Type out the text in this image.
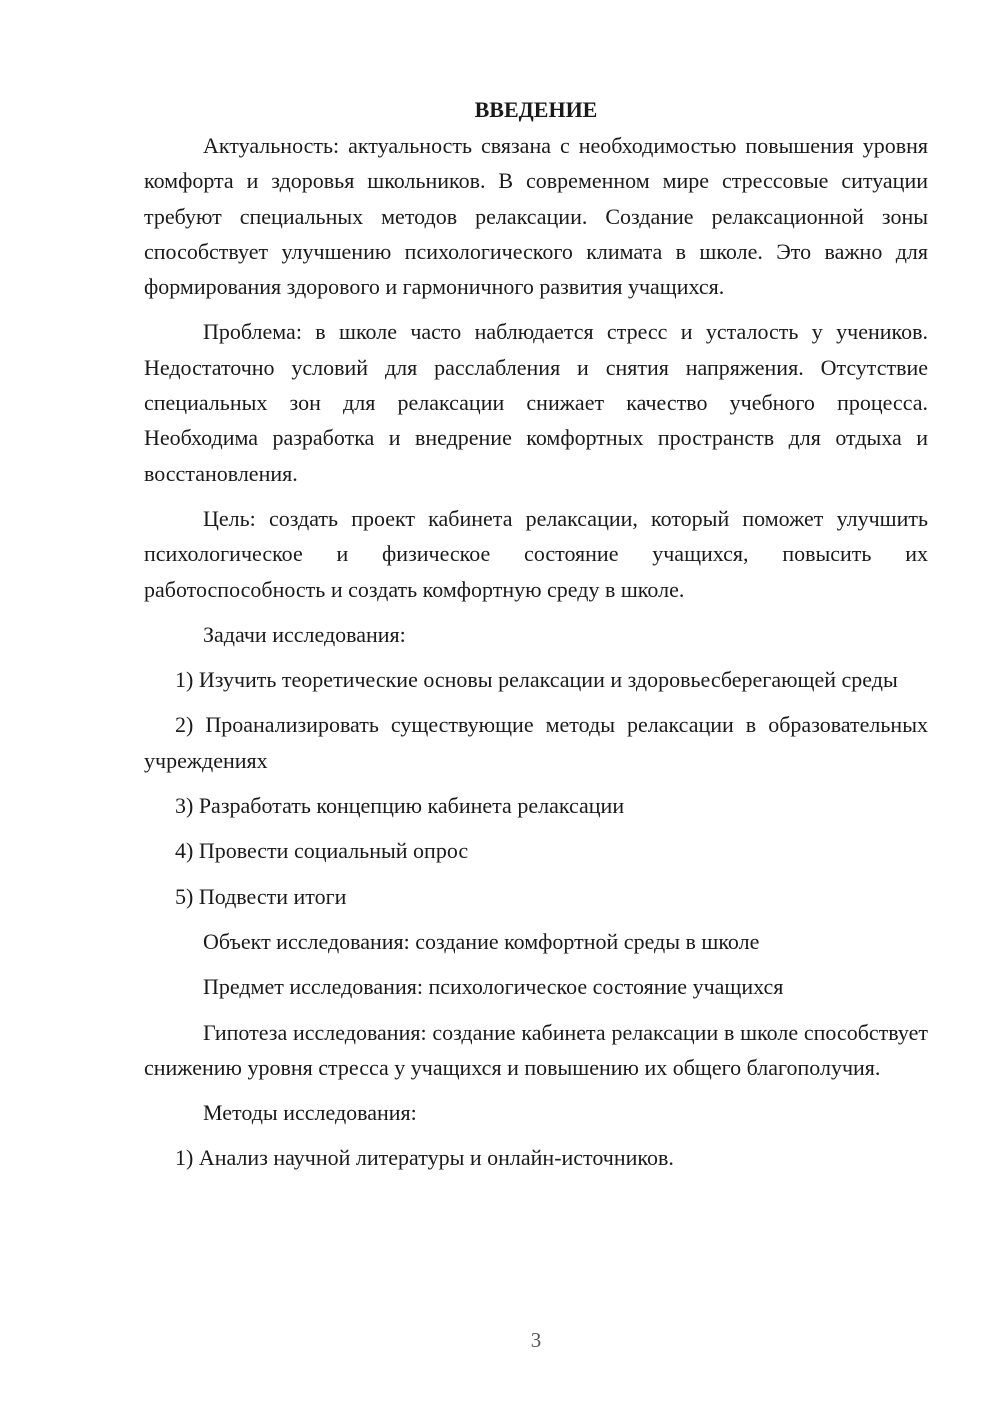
ВВЕДЕНИЕ

Актуальность: актуальность связана с необходимостью повышения уровня комфорта и здоровья школьников. В современном мире стрессовые ситуации требуют специальных методов релаксации. Создание релаксационной зоны способствует улучшению психологического климата в школе. Это важно для формирования здорового и гармоничного развития учащихся.

Проблема: в школе часто наблюдается стресс и усталость у учеников. Недостаточно условий для расслабления и снятия напряжения. Отсутствие специальных зон для релаксации снижает качество учебного процесса. Необходима разработка и внедрение комфортных пространств для отдыха и восстановления.

Цель: создать проект кабинета релаксации, который поможет улучшить психологическое и физическое состояние учащихся, повысить их работоспособность и создать комфортную среду в школе.

Задачи исследования:

1) Изучить теоретические основы релаксации и здоровьесберегающей среды

2) Проанализировать существующие методы релаксации в образовательных учреждениях

3) Разработать концепцию кабинета релаксации

4) Провести социальный опрос

5) Подвести итоги

Объект исследования: создание комфортной среды в школе

Предмет исследования: психологическое состояние учащихся

Гипотеза исследования: создание кабинета релаксации в школе способствует снижению уровня стресса у учащихся и повышению их общего благополучия.

Методы исследования:

1) Анализ научной литературы и онлайн-источников.

3
